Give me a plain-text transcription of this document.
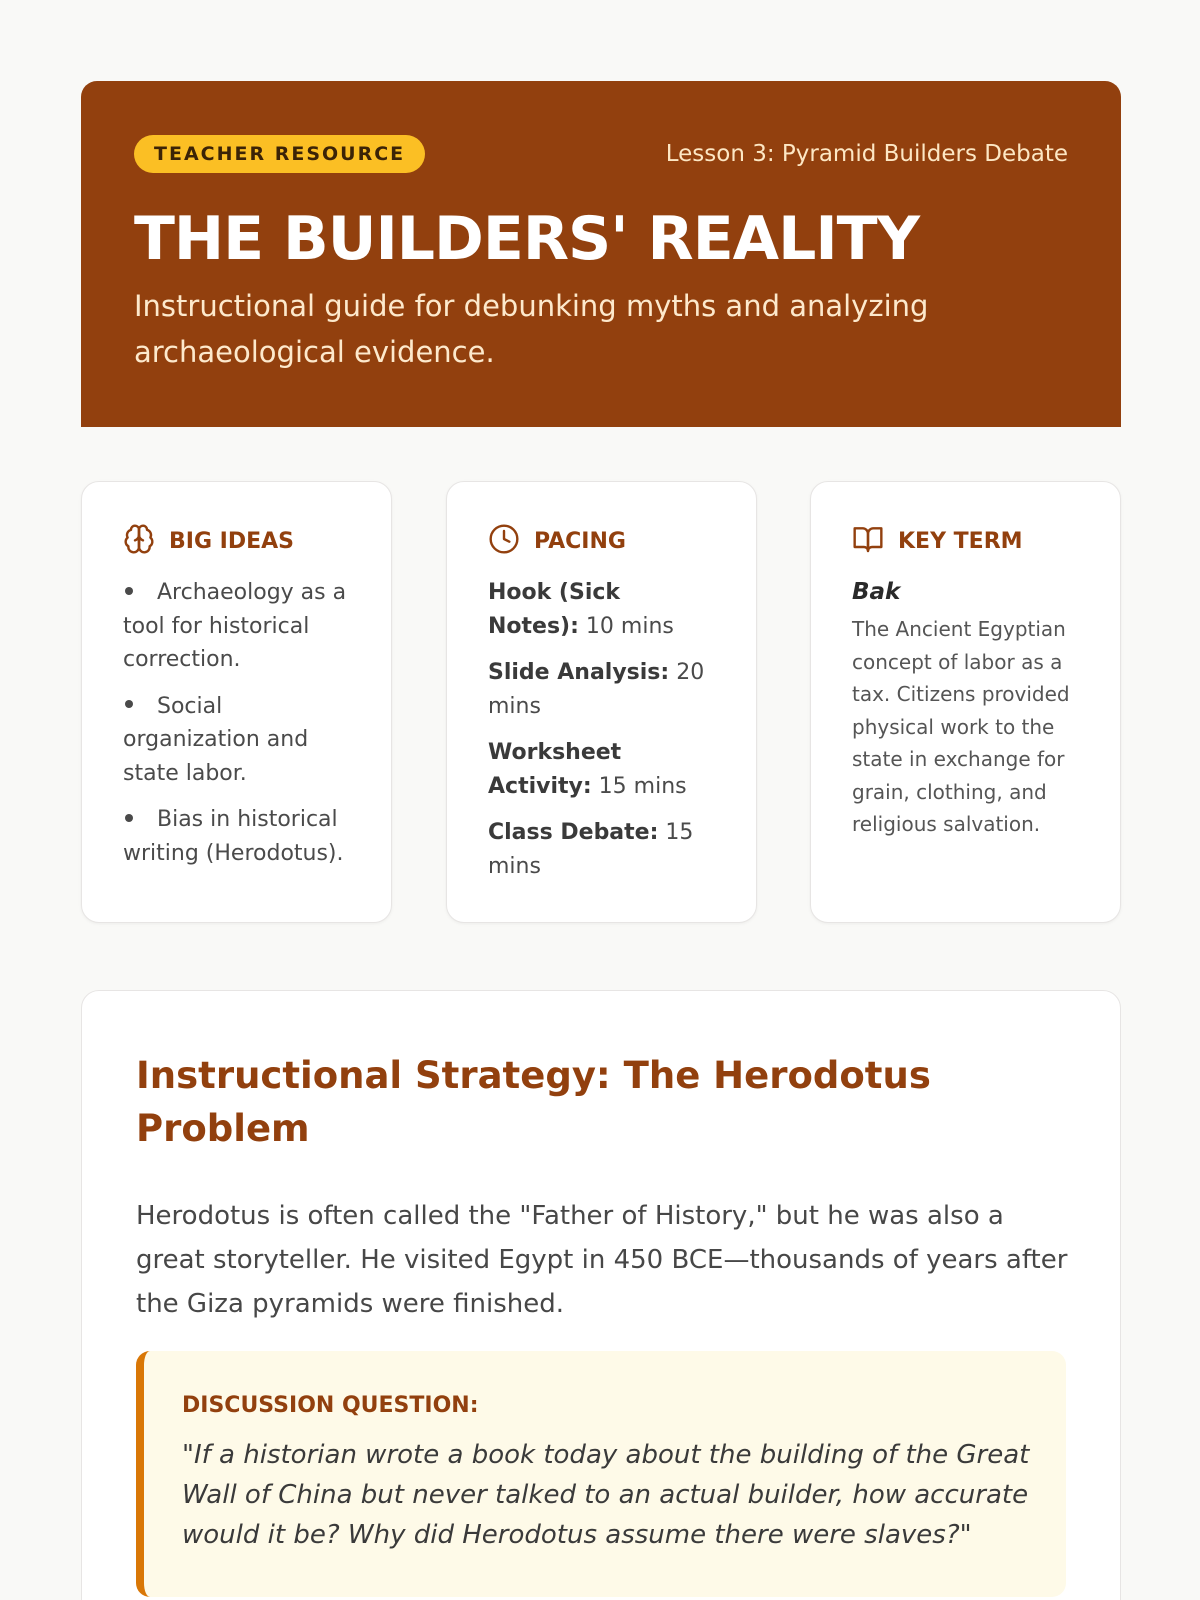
TEACHER RESOURCE	Lesson 3: Pyramid Builders Debate
THE BUILDERS' REALITY

Instructional guide for debunking myths and analyzing archaeological evidence.

BIG IDEAS
Archaeology as a tool for historical correction.
Social organization and state labor.
Bias in historical writing (Herodotus).
PACING
Hook (Sick Notes): 10 mins
Slide Analysis: 20 mins
Worksheet Activity: 15 mins
Class Debate: 15 mins
KEY TERM
Bak
The Ancient Egyptian concept of labor as a tax. Citizens provided physical work to the state in exchange for grain, clothing, and religious salvation.
Instructional Strategy: The Herodotus Problem

Herodotus is often called the "Father of History," but he was also a great storyteller. He visited Egypt in 450 BCE—thousands of years after the Giza pyramids were finished.

DISCUSSION QUESTION:

"If a historian wrote a book today about the building of the Great Wall of China but never talked to an actual builder, how accurate would it be? Why did Herodotus assume there were slaves?"
